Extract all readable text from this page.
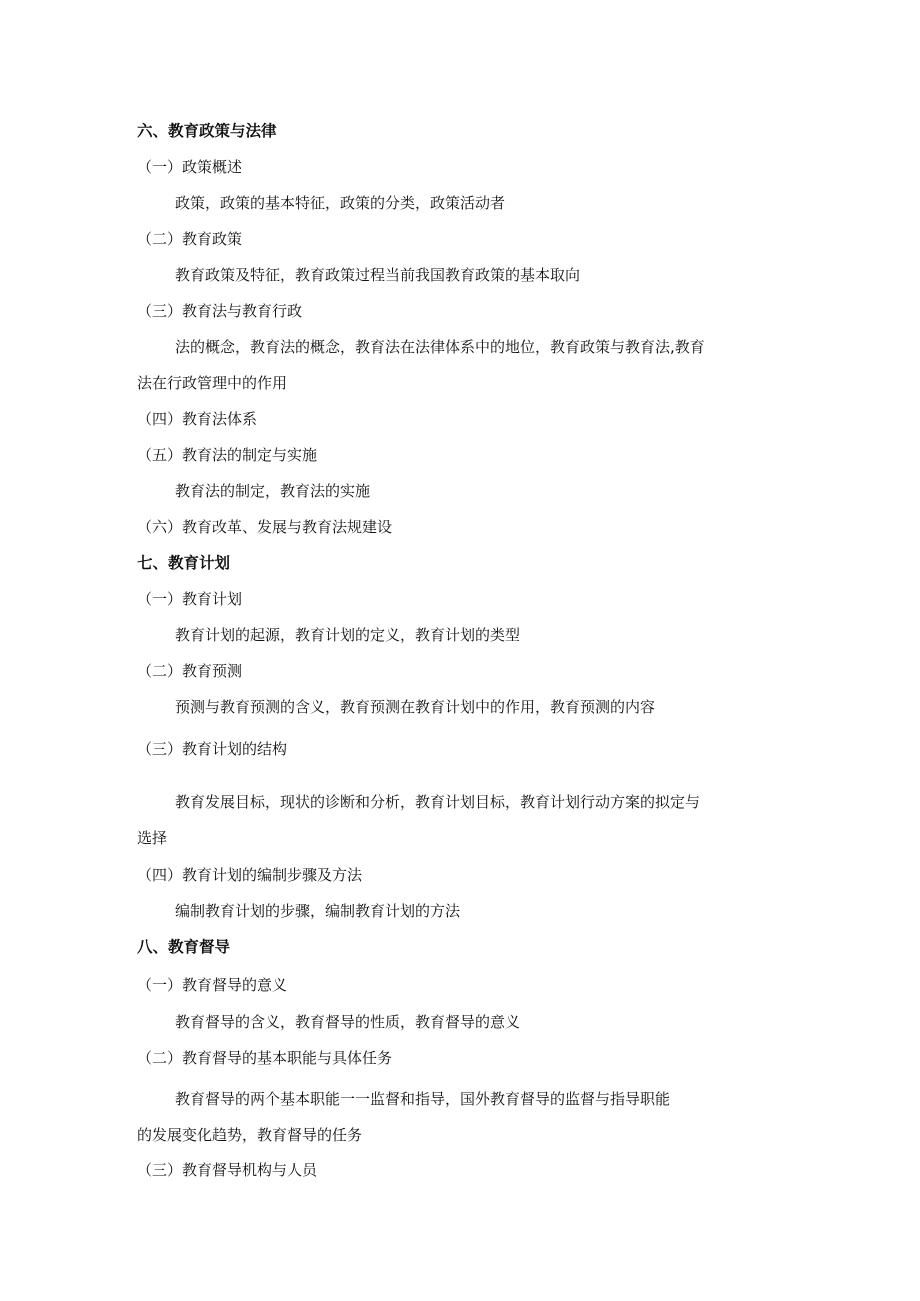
六、教育政策与法律
（一）政策概述
政策，政策的基本特征，政策的分类，政策活动者
（二）教育政策
教育政策及特征，教育政策过程当前我国教育政策的基本取向
（三）教育法与教育行政
法的概念，教育法的概念，教育法在法律体系中的地位，教育政策与教育法,教育
法在行政管理中的作用
（四）教育法体系
（五）教育法的制定与实施
教育法的制定，教育法的实施
（六）教育改革、发展与教育法规建设
七、教育计划
（一）教育计划
教育计划的起源，教育计划的定义，教育计划的类型
（二）教育预测
预测与教育预测的含义，教育预测在教育计划中的作用，教育预测的内容
（三）教育计划的结构
教育发展目标，现状的诊断和分析，教育计划目标，教育计划行动方案的拟定与
选择
（四）教育计划的编制步骤及方法
编制教育计划的步骤，编制教育计划的方法
八、教育督导
（一）教育督导的意义
教育督导的含义，教育督导的性质，教育督导的意义
（二）教育督导的基本职能与具体任务
教育督导的两个基本职能一一监督和指导，国外教育督导的监督与指导职能
的发展变化趋势，教育督导的任务
（三）教育督导机构与人员
